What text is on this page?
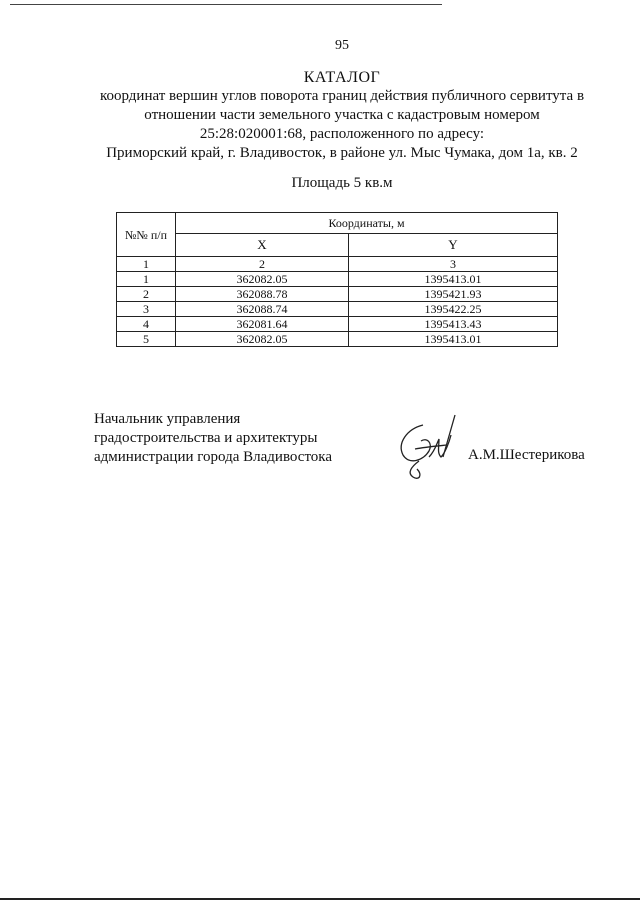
95
КАТАЛОГ
координат вершин углов поворота границ действия публичного сервитута в
отношении части земельного участка с кадастровым номером
25:28:020001:68, расположенного по адресу:
Приморский край, г. Владивосток, в районе ул. Мыс Чумака, дом 1а, кв. 2
Площадь 5 кв.м
№№ п/п	Координаты, м	
	X	Y
1	2	3
1	362082.05	1395413.01
2	362088.78	1395421.93
3	362088.74	1395422.25
4	362081.64	1395413.43
5	362082.05	1395413.01
Начальник управления
градостроительства и архитектуры
администрации города Владивостока	А.М.Шестерикова
